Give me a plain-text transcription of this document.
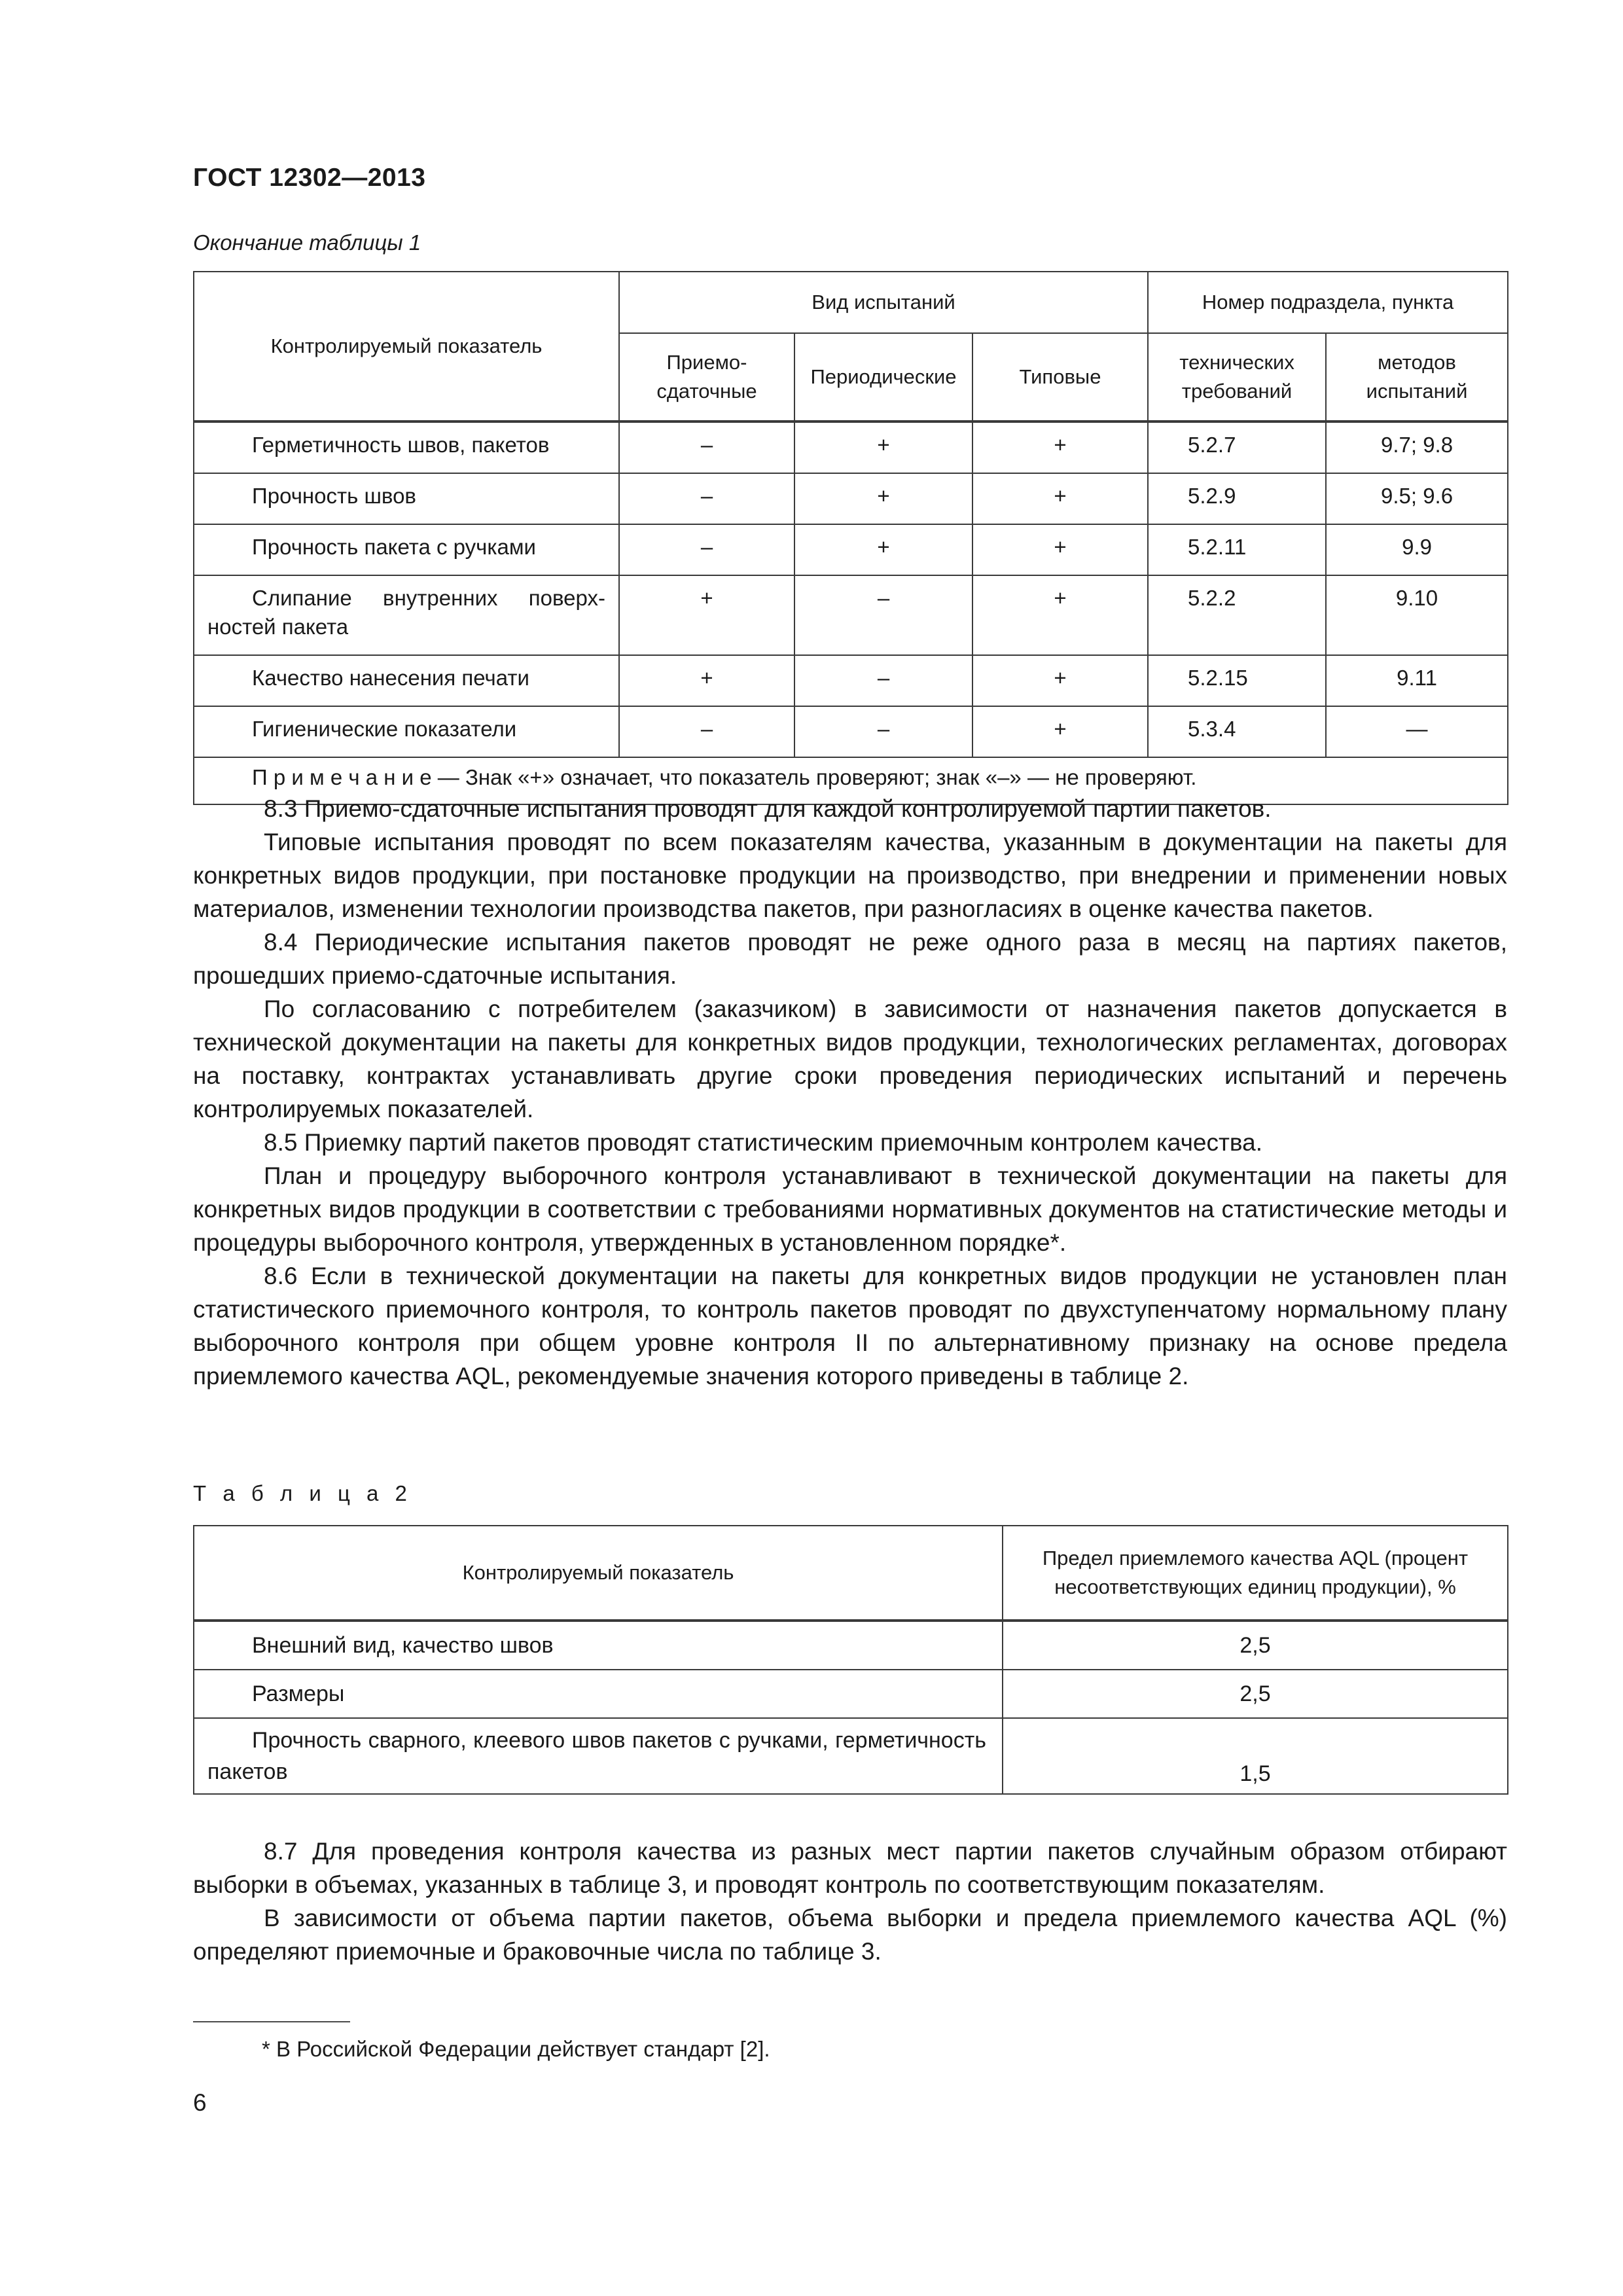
ГОСТ 12302—2013
Окончание таблицы 1
Контролируемый показатель	Вид испытаний			Номер подраздела, пункта	
	Приемо-сдаточные	Периодические	Типовые	технических требований	методов испытаний
Герметичность швов, пакетов	–	+	+	5.2.7	9.7; 9.8
Прочность швов	–	+	+	5.2.9	9.5; 9.6
Прочность пакета с ручками	–	+	+	5.2.11	9.9

Слипание внутренних поверх-
ностей пакета	+	–	+	5.2.2	9.10
Качество нанесения печати	+	–	+	5.2.15	9.11
Гигиенические показатели	–	–	+	5.3.4	—
П р и м е ч а н и е — Знак «+» означает, что показатель проверяют; знак «–» — не проверяют.					

8.3 Приемо-сдаточные испытания проводят для каждой контролируемой партии пакетов.

Типовые испытания проводят по всем показателям качества, указанным в документации на пакеты для конкретных видов продукции, при постановке продукции на производство, при внедрении и применении новых материалов, изменении технологии производства пакетов, при разногласиях в оценке качества пакетов.

8.4 Периодические испытания пакетов проводят не реже одного раза в месяц на партиях пакетов, прошедших приемо-сдаточные испытания.

По согласованию с потребителем (заказчиком) в зависимости от назначения пакетов допускается в технической документации на пакеты для конкретных видов продукции, технологических регламентах, договорах на поставку, контрактах устанавливать другие сроки проведения периодических испытаний и перечень контролируемых показателей.

8.5 Приемку партий пакетов проводят статистическим приемочным контролем качества.

План и процедуру выборочного контроля устанавливают в технической документации на пакеты для конкретных видов продукции в соответствии с требованиями нормативных документов на статистические методы и процедуры выборочного контроля, утвержденных в установленном порядке*.

8.6 Если в технической документации на пакеты для конкретных видов продукции не установлен план статистического приемочного контроля, то контроль пакетов проводят по двухступенчатому нормальному плану выборочного контроля при общем уровне контроля II по альтернативному признаку на основе предела приемлемого качества AQL, рекомендуемые значения которого приведены в таблице 2.

Т а б л и ц а 2
Контролируемый показатель	Предел приемлемого качества AQL (процент несоответствующих единиц продукции), %
Внешний вид, качество швов	2,5
Размеры	2,5

Прочность сварного, клеевого швов пакетов с ручками, герметичность пакетов	1,5

8.7 Для проведения контроля качества из разных мест партии пакетов случайным образом отбирают выборки в объемах, указанных в таблице 3, и проводят контроль по соответствующим показателям.

В зависимости от объема партии пакетов, объема выборки и предела приемлемого качества AQL (%) определяют приемочные и браковочные числа по таблице 3.

* В Российской Федерации действует стандарт [2].
6
